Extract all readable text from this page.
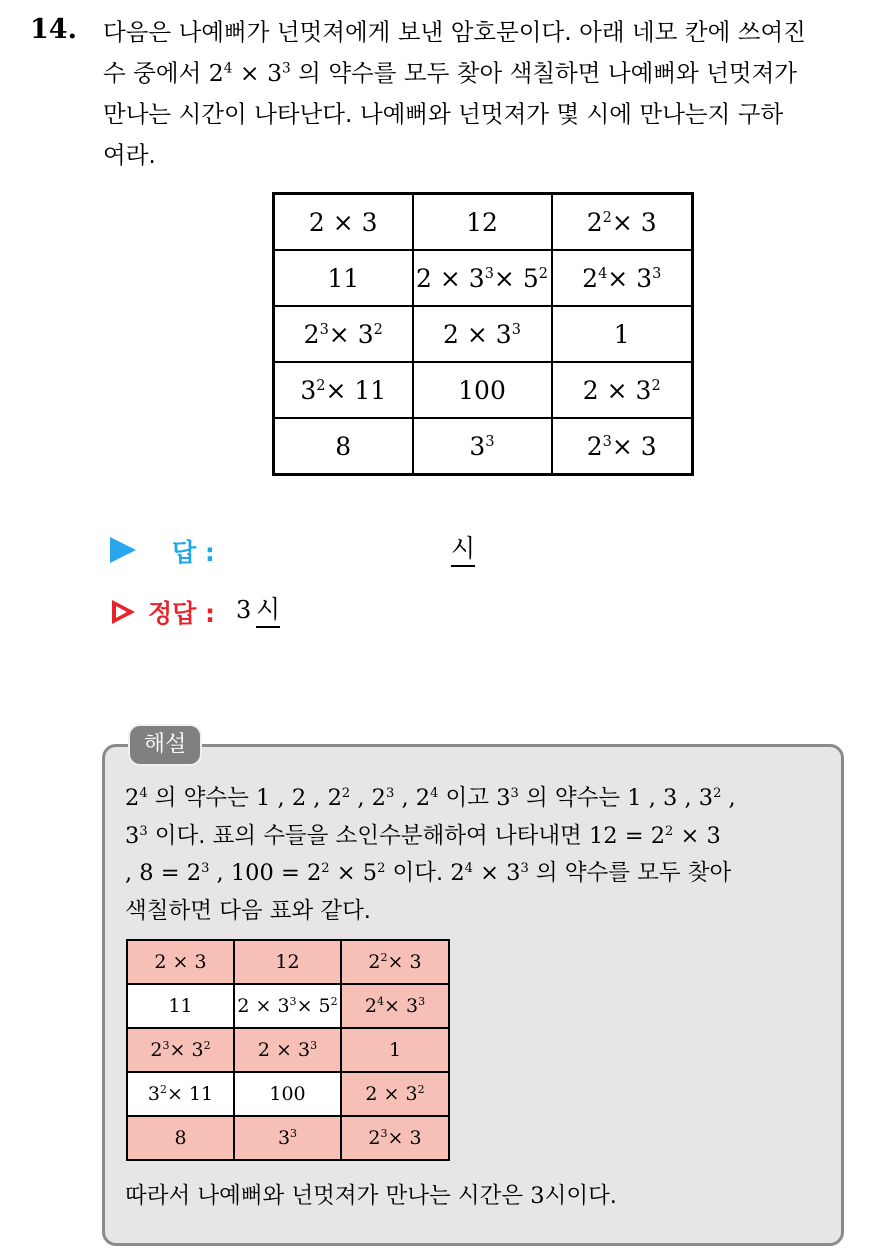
14. 다음은 나예뻐가 넌멋져에게 보낸 암호문이다. 아래 네모 칸에 쓰여진

수 중에서 $2^4 \times 3^3$ 의 약수를 모두 찾아 색칠하면 나예뻐와 넌멋져가

만나는 시간이 나타난다. 나예뻐와 넌멋져가 몇 시에 만나는지 구하

여라.

2 × 3	12	$2^2\times 3$
11	$2 \times 3^3\times 5^2$	$2^4\times 3^3$
$2^3\times 3^2$	$2 \times 3^3$	1
$3^2\times 11$	100	$2 \times 3^2$
8	$3^3$	$2^3\times 3$
답 :	시
정답 : 3 시
해설

$2^4$ 의 약수는 1 , 2 , $2^2$ , $2^3$ , $2^4$ 이고 $3^3$ 의 약수는 1 , 3 , $3^2$ ,

$3^3$ 이다. 표의 수들을 소인수분해하여 나타내면 $12 = 2^2 \times 3$

, $8 = 2^3$ , $100 = 2^2 \times 5^2$ 이다. $2^4 \times 3^3$ 의 약수를 모두 찾아

색칠하면 다음 표와 같다.

2 × 3	12	$2^2\times 3$
11	$2 \times 3^3\times 5^2$	$2^4\times 3^3$
$2^3\times 3^2$	$2 \times 3^3$	1
$3^2\times 11$	100	$2 \times 3^2$
8	$3^3$	$2^3\times 3$
따라서 나예뻐와 넌멋져가 만나는 시간은 3시이다.
